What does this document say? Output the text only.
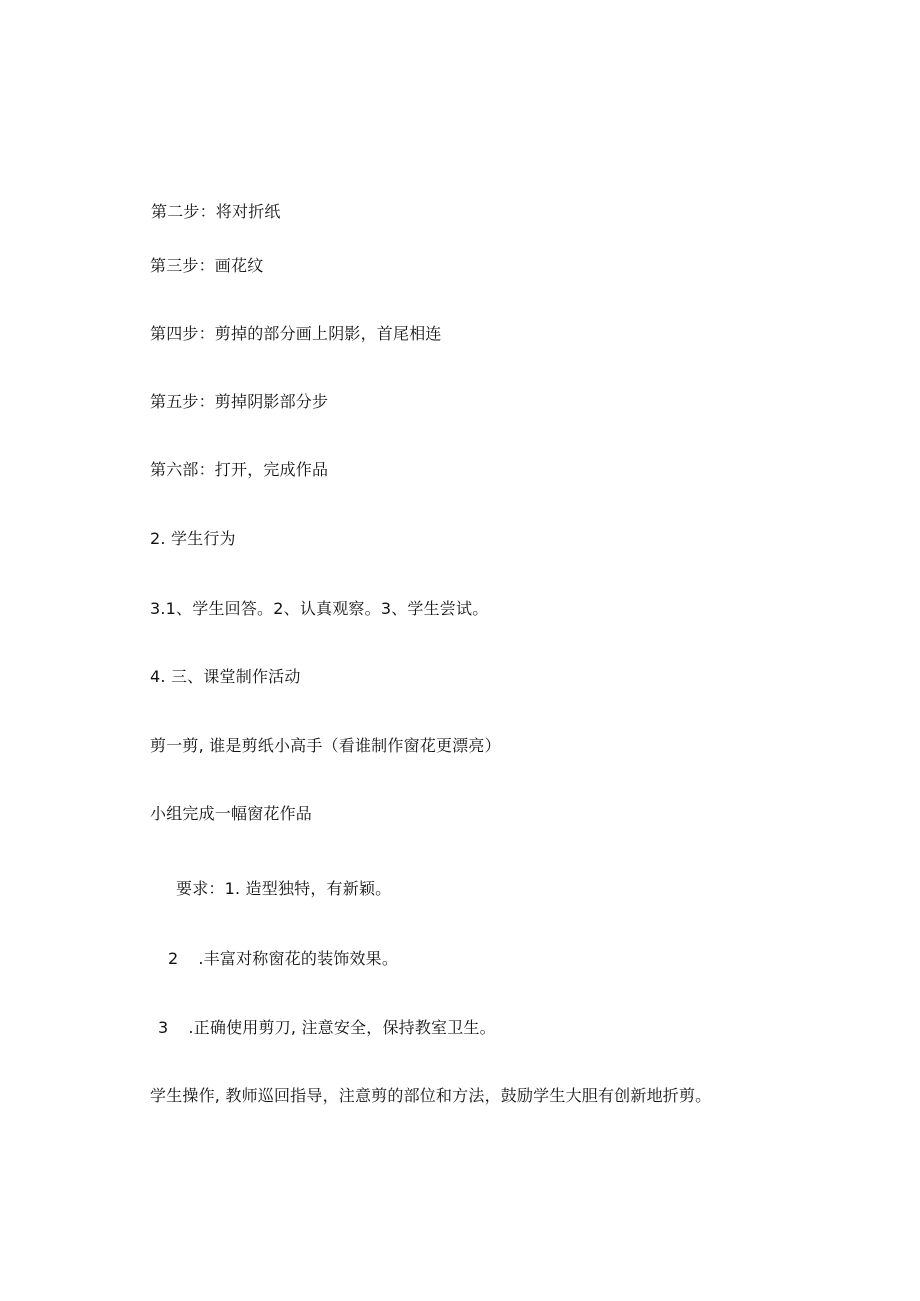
第二步：将对折纸
第三步：画花纹
第四步：剪掉的部分画上阴影，首尾相连
第五步：剪掉阴影部分步
第六部：打开，完成作品
2. 学生行为
3.1、学生回答。2、认真观察。3、学生尝试。
4. 三、课堂制作活动
剪一剪, 谁是剪纸小高手（看谁制作窗花更漂亮）
小组完成一幅窗花作品
要求：1. 造型独特，有新颖。
2 .丰富对称窗花的装饰效果。
3 .正确使用剪刀, 注意安全，保持教室卫生。
学生操作, 教师巡回指导，注意剪的部位和方法，鼓励学生大胆有创新地折剪。
